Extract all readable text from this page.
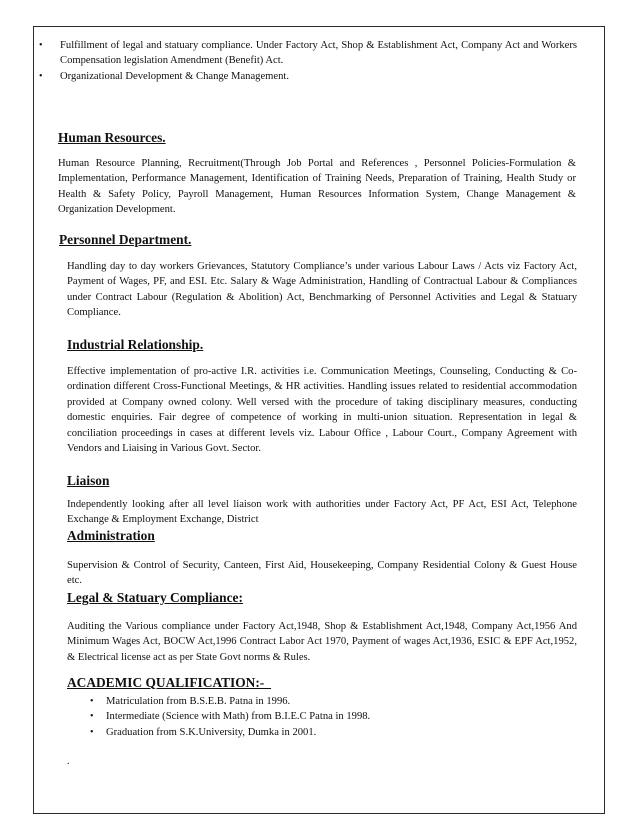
• Fulfillment of legal and statuary compliance. Under Factory Act, Shop & Establishment Act, Company Act and Workers Compensation legislation Amendment (Benefit) Act.
• Organizational Development & Change Management.
Human Resources.

Human Resource Planning, Recruitment(Through Job Portal and References , Personnel Policies-Formulation & Implementation, Performance Management, Identification of Training Needs, Preparation of Training, Health Study or Health & Safety Policy, Payroll Management, Human Resources Information System, Change Management & Organization Development.

Personnel Department.

Handling day to day workers Grievances, Statutory Compliance’s under various Labour Laws / Acts viz Factory Act, Payment of Wages, PF, and ESI. Etc. Salary & Wage Administration, Handling of Contractual Labour & Compliances under Contract Labour (Regulation & Abolition) Act, Benchmarking of Personnel Activities and Legal & Statuary Compliance.

Industrial Relationship.

Effective implementation of pro-active I.R. activities i.e. Communication Meetings, Counseling, Conducting & Co-ordination different Cross-Functional Meetings, & HR activities. Handling issues related to residential accommodation provided at Company owned colony. Well versed with the procedure of taking disciplinary measures, conducting domestic enquiries. Fair degree of competence of working in multi-union situation. Representation in legal & conciliation proceedings in cases at different levels viz. Labour Office , Labour Court., Company Agreement with Vendors and Liaising in Various Govt. Sector.

Liaison

Independently looking after all level liaison work with authorities under Factory Act, PF Act, ESI Act, Telephone Exchange & Employment Exchange, District

Administration

Supervision & Control of Security, Canteen, First Aid, Housekeeping, Company Residential Colony & Guest House etc.

Legal & Statuary Compliance:

Auditing the Various compliance under Factory Act,1948, Shop & Establishment Act,1948, Company Act,1956 And Minimum Wages Act, BOCW Act,1996 Contract Labor Act 1970, Payment of wages Act,1936, ESIC & EPF Act,1952, & Electrical license act as per State Govt norms & Rules.

ACADEMIC QUALIFICATION:-_
• Matriculation from B.S.E.B. Patna in 1996.
• Intermediate (Science with Math) from B.I.E.C Patna in 1998.
• Graduation from S.K.University, Dumka in 2001.
.
